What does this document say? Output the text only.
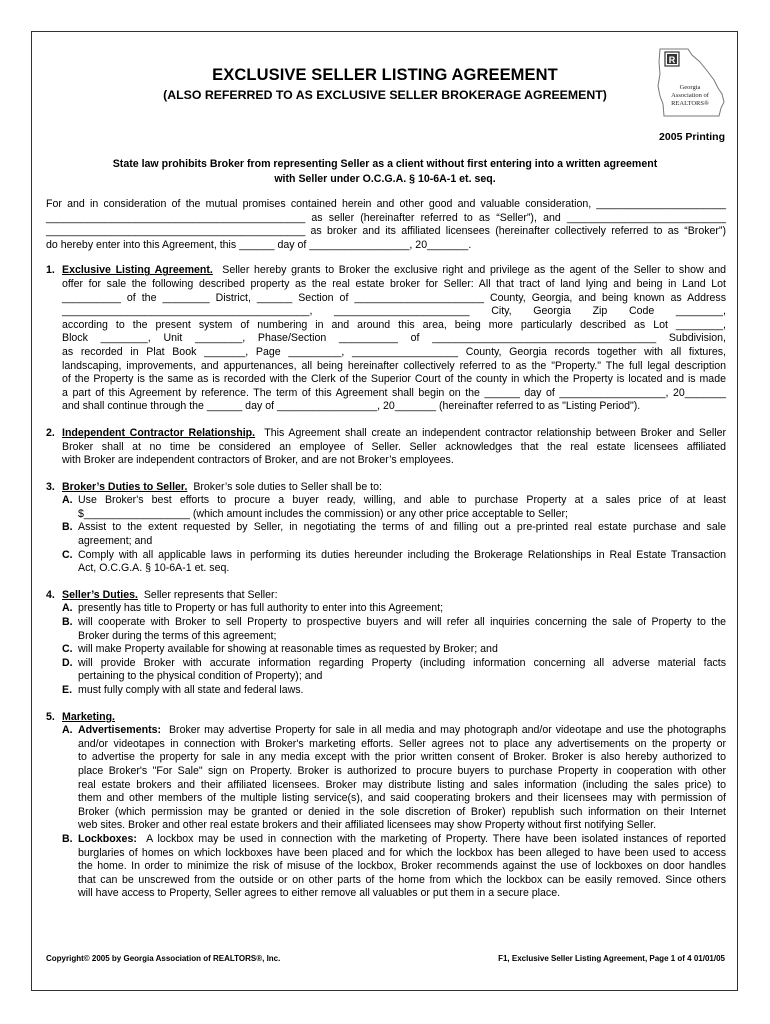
R
Georgia
Association of
REALTORS®
EXCLUSIVE SELLER LISTING AGREEMENT
(ALSO REFERRED TO AS EXCLUSIVE SELLER BROKERAGE AGREEMENT)
2005 Printing
State law prohibits Broker from representing Seller as a client without first entering into a written agreement
with Seller under O.C.G.A. § 10-6A-1 et. seq.

For and in consideration of the mutual promises contained herein and other good and valuable consideration, ______________________

____________________________________________ as seller (hereinafter referred to as “Seller”), and ___________________________

____________________________________________ as broker and its affiliated licensees (hereinafter collectively referred to as “Broker”)

do hereby enter into this Agreement, this ______ day of _________________, 20_______.

1. Exclusive Listing Agreement. Seller hereby grants to Broker the exclusive right and privilege as the agent of the Seller to show and

offer for sale the following described property as the real estate broker for Seller: All that tract of land lying and being in Land Lot

__________ of the ________ District, ______ Section of ______________________ County, Georgia, and being known as Address

__________________________________________, _______________________ City, Georgia Zip Code ________,

according to the present system of numbering in and around this area, being more particularly described as Lot ________,

Block ________, Unit ________, Phase/Section __________ of ______________________________________ Subdivision,

as recorded in Plat Book _______, Page _________, __________________ County, Georgia records together with all fixtures,

landscaping, improvements, and appurtenances, all being hereinafter collectively referred to as the "Property." The full legal description

of the Property is the same as is recorded with the Clerk of the Superior Court of the county in which the Property is located and is made

a part of this Agreement by reference. The term of this Agreement shall begin on the ______ day of __________________, 20_______

and shall continue through the ______ day of _________________, 20_______ (hereinafter referred to as "Listing Period").

2. Independent Contractor Relationship. This Agreement shall create an independent contractor relationship between Broker and Seller

Broker shall at no time be considered an employee of Seller. Seller acknowledges that the real estate licensees affiliated

with Broker are independent contractors of Broker, and are not Broker’s employees.

3. Broker’s Duties to Seller. Broker’s sole duties to Seller shall be to:

A. Use Broker's best efforts to procure a buyer ready, willing, and able to purchase Property at a sales price of at least

$__________________ (which amount includes the commission) or any other price acceptable to Seller;

B. Assist to the extent requested by Seller, in negotiating the terms of and filling out a pre-printed real estate purchase and sale

agreement; and

C. Comply with all applicable laws in performing its duties hereunder including the Brokerage Relationships in Real Estate Transaction

Act, O.C.G.A. § 10-6A-1 et. seq.

4. Seller’s Duties. Seller represents that Seller:

A. presently has title to Property or has full authority to enter into this Agreement;

B. will cooperate with Broker to sell Property to prospective buyers and will refer all inquiries concerning the sale of Property to the

Broker during the terms of this agreement;

C. will make Property available for showing at reasonable times as requested by Broker; and

D. will provide Broker with accurate information regarding Property (including information concerning all adverse material facts

pertaining to the physical condition of Property); and

E. must fully comply with all state and federal laws.

5. Marketing.

A. Advertisements: Broker may advertise Property for sale in all media and may photograph and/or videotape and use the photographs

and/or videotapes in connection with Broker's marketing efforts. Seller agrees not to place any advertisements on the property or

to advertise the property for sale in any media except with the prior written consent of Broker. Broker is also hereby authorized to

place Broker's "For Sale" sign on Property. Broker is authorized to procure buyers to purchase Property in cooperation with other

real estate brokers and their affiliated licensees. Broker may distribute listing and sales information (including the sales price) to

them and other members of the multiple listing service(s), and said cooperating brokers and their licensees may with permission of

Broker (which permission may be granted or denied in the sole discretion of Broker) republish such information on their Internet

web sites. Broker and other real estate brokers and their affiliated licensees may show Property without first notifying Seller.

B. Lockboxes: A lockbox may be used in connection with the marketing of Property. There have been isolated instances of reported

burglaries of homes on which lockboxes have been placed and for which the lockbox has been alleged to have been used to access

the home. In order to minimize the risk of misuse of the lockbox, Broker recommends against the use of lockboxes on door handles

that can be unscrewed from the outside or on other parts of the home from which the lockbox can be easily removed. Since others

will have access to Property, Seller agrees to either remove all valuables or put them in a secure place.

Copyright© 2005 by Georgia Association of REALTORS®, Inc.	F1, Exclusive Seller Listing Agreement, Page 1 of 4 01/01/05
